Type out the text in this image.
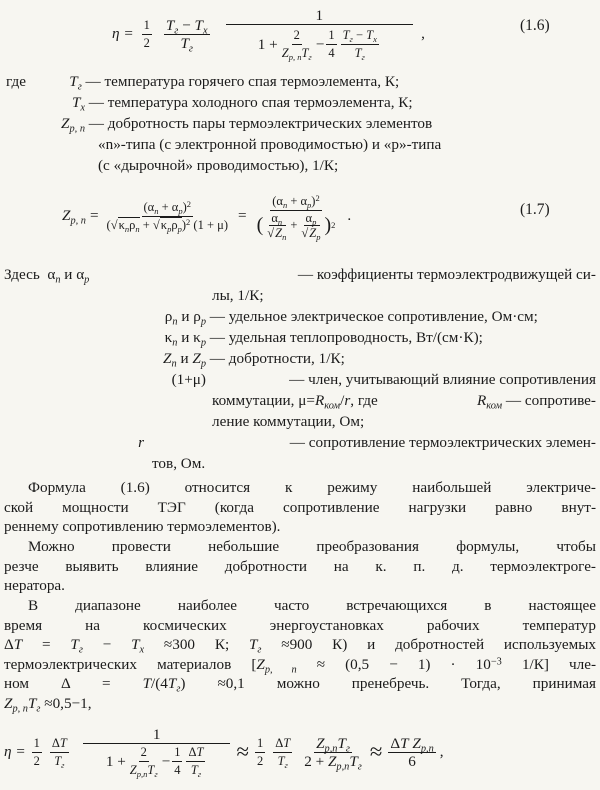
$\eta = \frac{1}{2} \frac{T_г - T_х}{T_г} \frac{1}{1 + \frac{2}{Z_{p, n}T_г} - \frac{1}{4} \frac{T_г - T_х}{T_г}}$ ,	(1.6)
где	$T_г$ — температура горячего спая термоэлемента, К;
$T_х$ — температура холодного спая термоэлемента, К;
$Z_{p, n}$ — добротность пары термоэлектрических элементов
«n»-типа (с электронной проводимостью) и «p»-типа
(с «дырочной» проводимостью), 1/К;
$Z_{p, n} = \frac{(\alpha_n + \alpha_p)^2}{(√\kappa_n\rho_n + √\kappa_p\rho_p)^2 (1 + \mu)} = \frac{(\alpha_n + \alpha_p)^2}{( \frac{\alpha_n}{√Z_n} + \frac{\alpha_p}{√Z_p} ) 2}$ .	(1.7)
Здесь  $\alpha_n$ и $\alpha_p$	— коэффициенты термоэлектродвижущей си-
лы, 1/К;
$\rho_n$ и $\rho_p$ — удельное электрическое сопротивление, Ом·см;
$\kappa_n$ и $\kappa_p$ — удельная теплопроводность, Вт/(см·К);
$Z_n$ и $Z_p$ — добротности, 1/К;
(1+μ)	— член, учитывающий влияние сопротивления
коммутации, $\mu=R_{ком}/r$, где	$R_{ком}$ — сопротиве-
ление коммутации, Ом;
r	— сопротивление термоэлектрических элемен-
тов, Ом.
Формула (1.6) относится к режиму наибольшей электриче-
ской мощности ТЭГ (когда сопротивление нагрузки равно внут-
реннему сопротивлению термоэлементов).
Можно провести небольшие преобразования формулы, чтобы
резче выявить влияние добротности на к. п. д. термоэлектроге-
нератора.
В диапазоне наиболее часто встречающихся в настоящее
время на космических энергоустановках рабочих температур
$\Delta T = T_г - T_х \approx 300$ К; $T_г \approx 900$ К) и добротностей используемых
термоэлектрических материалов [$Z_{p, n} \approx (0,5 - 1) \cdot 10^{-3}$ 1/К] чле-
ном $\Delta = T/(4T_г) \approx 0,1$ можно пренебречь. Тогда, принимая
$Z_{p, n}T_г \approx 0,5-1$,
$\eta = \frac{1}{2} \frac{\Delta T}{T_г} \frac{1}{1 + \frac{2}{Z_{p,n}T_г} - \frac{1}{4} \frac{\Delta T}{T_г}} \approx \frac{1}{2} \frac{\Delta T}{T_г} \frac{Z_{p,n}T_г}{2 + Z_{p,n}T_г} \approx \frac{\Delta T Z_{p,n}}{6}$ ,
